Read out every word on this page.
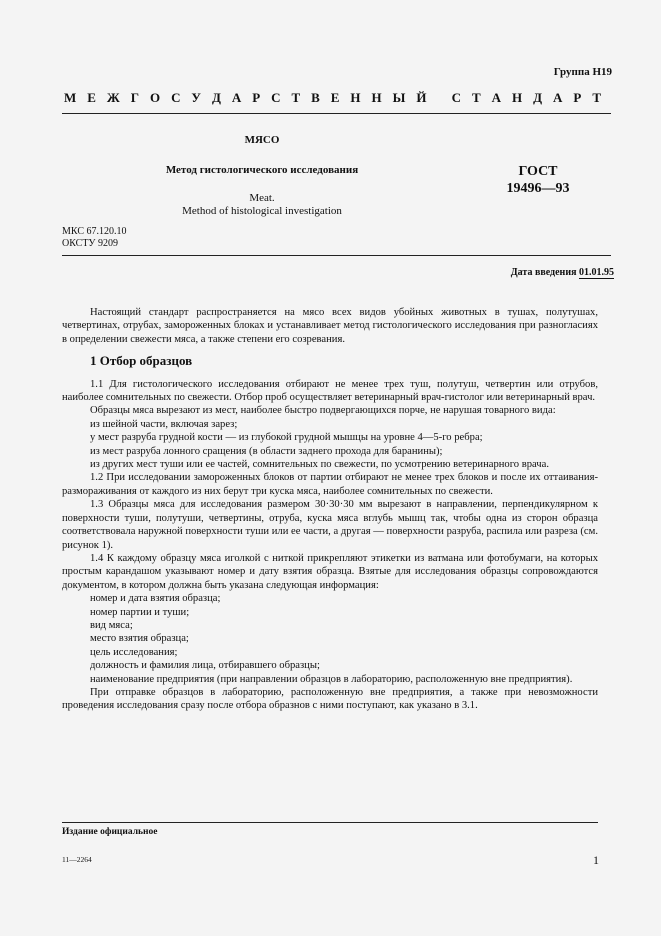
Группа Н19
М Е Ж Г О С У Д А Р С Т В Е Н Н Ы Й
С Т А Н Д А Р Т
МЯСО
Метод гистологического исследования
Meat.
Method of histological investigation
ГОСТ
19496—93
МКС 67.120.10
ОКСТУ 9209
Дата введения 01.01.95

Настоящий стандарт распространяется на мясо всех видов убойных животных в тушах, полутушах, четвертинах, отрубах, замороженных блоках и устанавливает метод гистологического исследования при разногласиях в определении свежести мяса, а также степени его созревания.

1 Отбор образцов

1.1 Для гистологического исследования отбирают не менее трех туш, полутуш, четвертин или отрубов, наиболее сомнительных по свежести. Отбор проб осуществляет ветеринарный врач-гистолог или ветеринарный врач.

Образцы мяса вырезают из мест, наиболее быстро подвергающихся порче, не нарушая товарного вида:

из шейной части, включая зарез;

у мест разруба грудной кости — из глубокой грудной мышцы на уровне 4—5-го ребра;

из мест разруба лонного сращения (в области заднего прохода для баранины);

из других мест туши или ее частей, сомнительных по свежести, по усмотрению ветеринарного врача.

1.2 При исследовании замороженных блоков от партии отбирают не менее трех блоков и после их оттаивания-размораживания от каждого из них берут три куска мяса, наиболее сомнительных по свежести.

1.3 Образцы мяса для исследования размером 30·30·30 мм вырезают в направлении, перпендикулярном к поверхности туши, полутуши, четвертины, отруба, куска мяса вглубь мышц так, чтобы одна из сторон образца соответствовала наружной поверхности туши или ее части, а другая — поверхности разруба, распила или разреза (см. рисунок 1).

1.4 К каждому образцу мяса иголкой с ниткой прикрепляют этикетки из ватмана или фотобумаги, на которых простым карандашом указывают номер и дату взятия образца. Взятые для исследования образцы сопровождаются документом, в котором должна быть указана следующая информация:

номер и дата взятия образца;

номер партии и туши;

вид мяса;

место взятия образца;

цель исследования;

должность и фамилия лица, отбиравшего образцы;

наименование предприятия (при направлении образцов в лабораторию, расположенную вне предприятия).

При отправке образцов в лабораторию, расположенную вне предприятия, а также при невозможности проведения исследования сразу после отбора образнов с ними поступают, как указано в 3.1.

Издание официальное
11—2264	1
